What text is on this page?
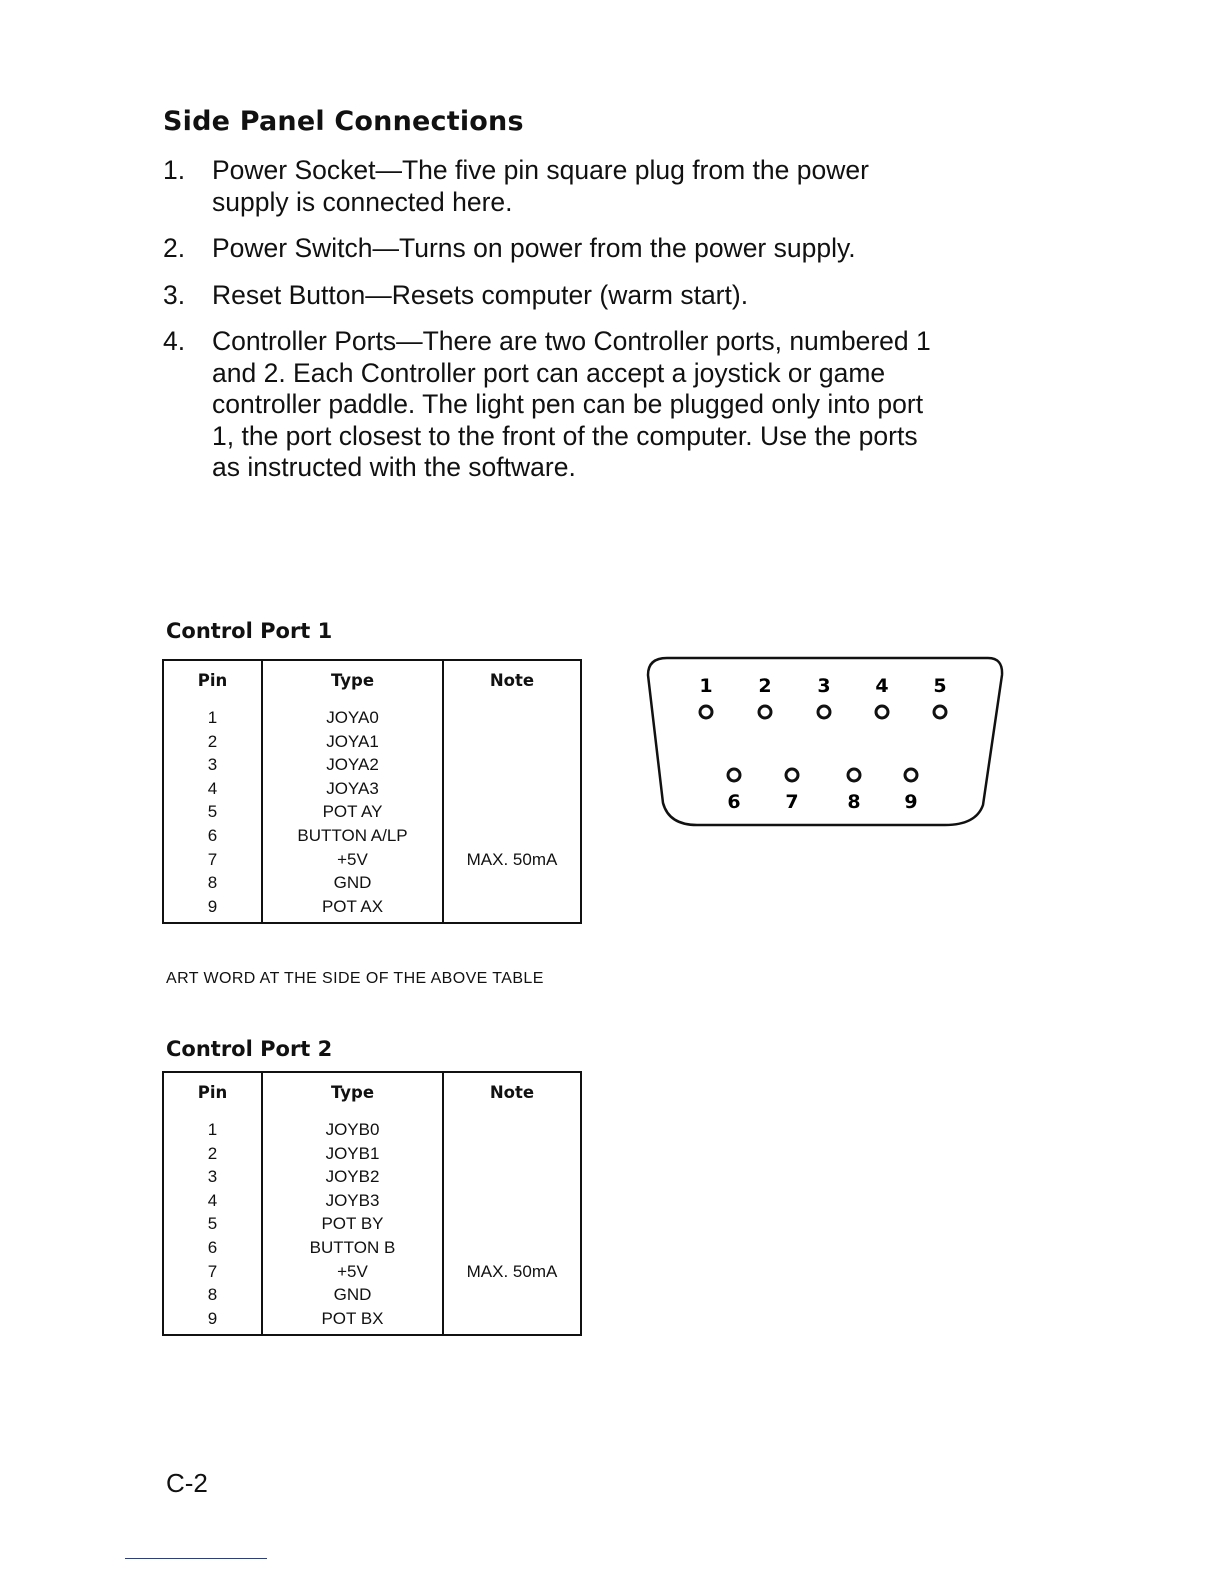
Side Panel Connections
1. Power Socket—The five pin square plug from the power supply is connected here.
2. Power Switch—Turns on power from the power supply.
3. Reset Button—Resets computer (warm start).
4. Controller Ports—There are two Controller ports, numbered 1 and 2. Each Controller port can accept a joystick or game controller paddle. The light pen can be plugged only into port 1, the port closest to the front of the computer. Use the ports as instructed with the software.
Control Port 1
Pin	Type	Note
1	JOYA0	
2	JOYA1	
3	JOYA2	
4	JOYA3	
5	POT AY	
6	BUTTON A/LP	
7	+5V	MAX. 50mA
8	GND	
9	POT AX	

ART WORD AT THE SIDE OF THE ABOVE TABLE

Control Port 2
Pin	Type	Note
1	JOYB0	
2	JOYB1	
3	JOYB2	
4	JOYB3	
5	POT BY	
6	BUTTON B	
7	+5V	MAX. 50mA
8	GND	
9	POT BX	
1 2 3 4 5
6 7	8 9
C-2
